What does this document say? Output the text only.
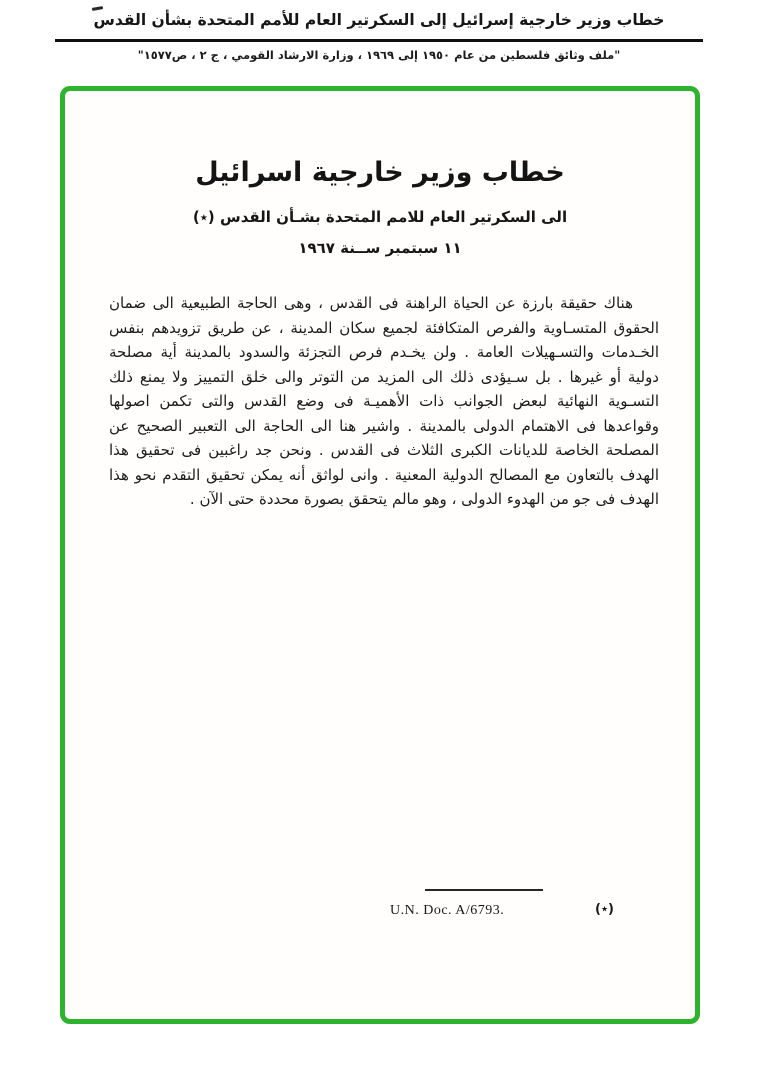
خطاب وزير خارجية إسرائيل إلى السكرتير العام للأمم المتحدة بشأن القدس
"ملف وثائق فلسطين من عام ١٩٥٠ إلى ١٩٦٩ ، وزارة الارشاد القومي ، ج ٢ ، ص١٥٧٧"
خطاب وزير خارجية اسرائيل
الى السكرتير العام للامم المتحدة بشـأن القدس (٭)
١١ سبتمبر ســنة ١٩٦٧

هناك حقيقة بارزة عن الحياة الراهنة فى القدس ، وهى الحاجة الطبيعية الى ضمان الحقوق المتسـاوية والفرص المتكافئة لجميع سكان المدينة ، عن طريق تزويدهم بنفس الخـدمات والتسـهيلات العامة . ولن يخـدم فرص التجزئة والسدود بالمدينة أية مصلحة دولية أو غيرها . بل سـيؤدى ذلك الى المزيد من التوتر والى خلق التمييز ولا يمنع ذلك التسـوية النهائية لبعض الجوانب ذات الأهميـة فى وضع القدس والتى تكمن اصولها وقواعدها فى الاهتمام الدولى بالمدينة . واشير هنا الى الحاجة الى التعبير الصحيح عن المصلحة الخاصة للديانات الكبرى الثلاث فى القدس . ونحن جد راغبين فى تحقيق هذا الهدف بالتعاون مع المصالح الدولية المعنية . وانى لواثق أنه يمكن تحقيق التقدم نحو هذا الهدف فى جو من الهدوء الدولى ، وهو مالم يتحقق بصورة محددة حتى الآن .

U.N. Doc. A/6793.	(٭)
